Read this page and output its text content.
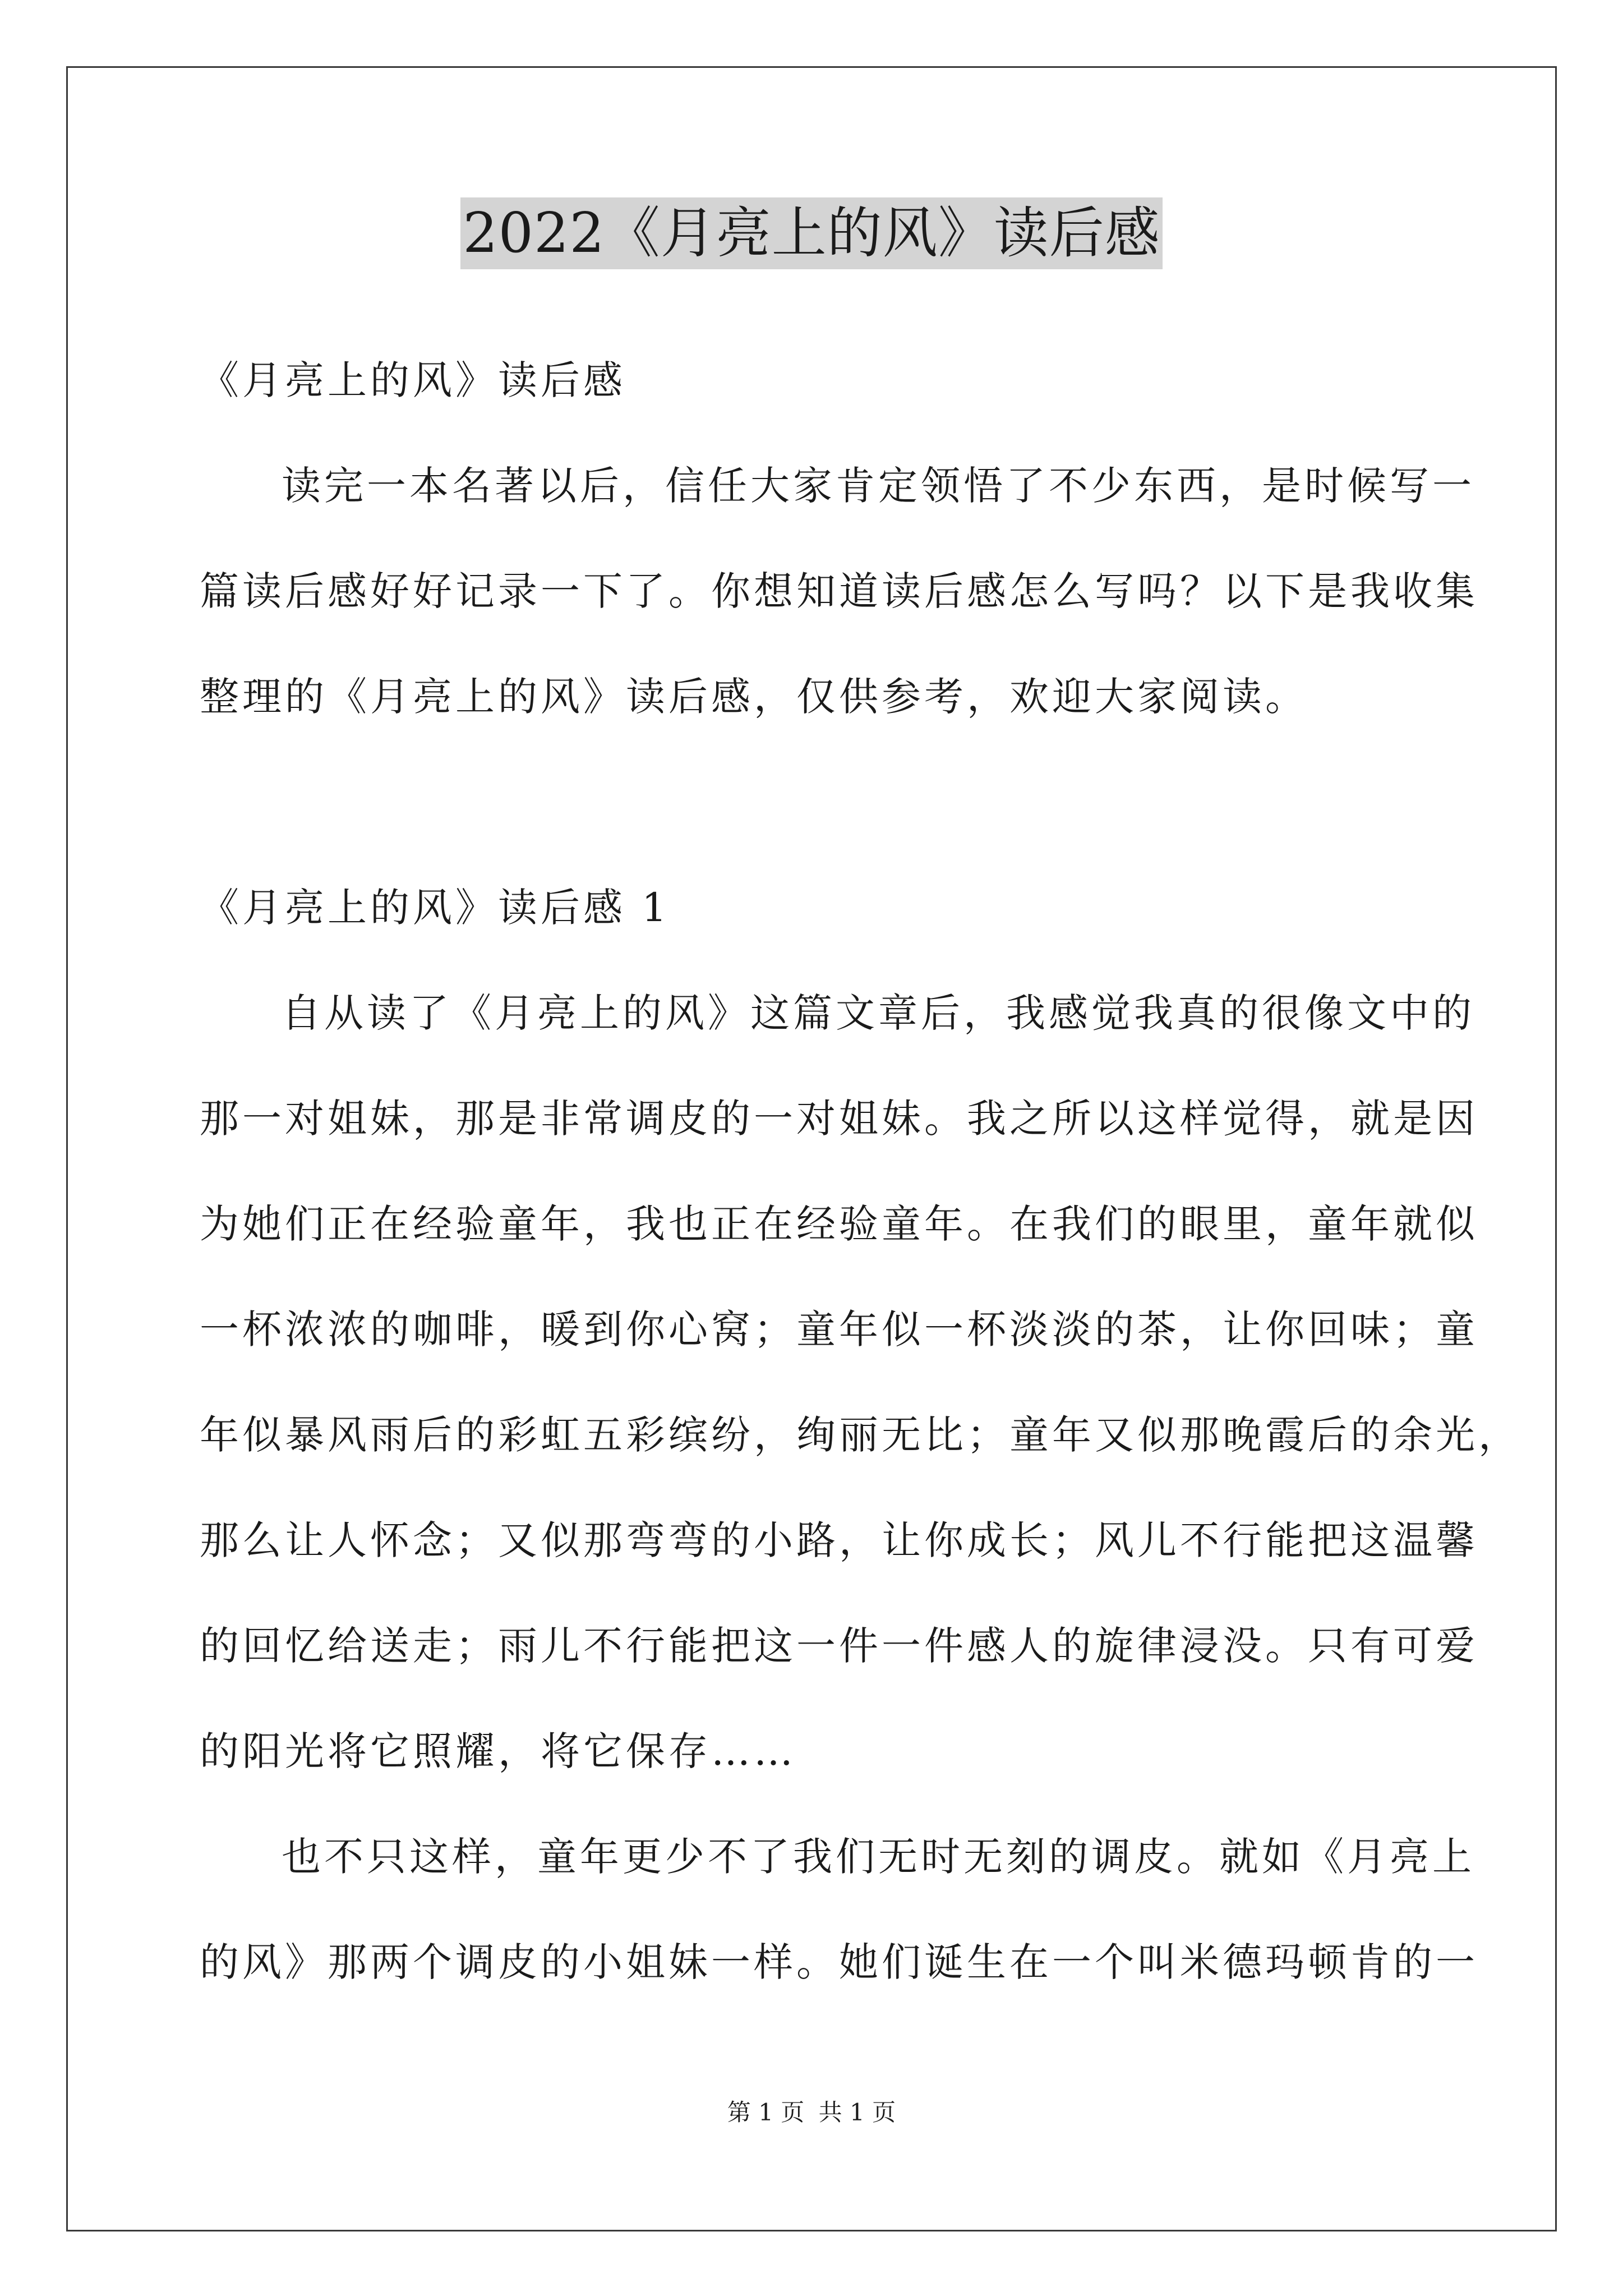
2022《月亮上的风》读后感
《月亮上的风》读后感
读完一本名著以后，信任大家肯定领悟了不少东西，是时候写一
篇读后感好好记录一下了。你想知道读后感怎么写吗？以下是我收集
整理的《月亮上的风》读后感，仅供参考，欢迎大家阅读。
《月亮上的风》读后感 1
自从读了《月亮上的风》这篇文章后，我感觉我真的很像文中的
那一对姐妹，那是非常调皮的一对姐妹。我之所以这样觉得，就是因
为她们正在经验童年，我也正在经验童年。在我们的眼里，童年就似
一杯浓浓的咖啡，暖到你心窝；童年似一杯淡淡的茶，让你回味；童
年似暴风雨后的彩虹五彩缤纷，绚丽无比；童年又似那晚霞后的余光，
那么让人怀念；又似那弯弯的小路，让你成长；风儿不行能把这温馨
的回忆给送走；雨儿不行能把这一件一件感人的旋律浸没。只有可爱
的阳光将它照耀，将它保存……
也不只这样，童年更少不了我们无时无刻的调皮。就如《月亮上
的风》那两个调皮的小姐妹一样。她们诞生在一个叫米德玛顿肯的一
第 1 页 共 1 页
